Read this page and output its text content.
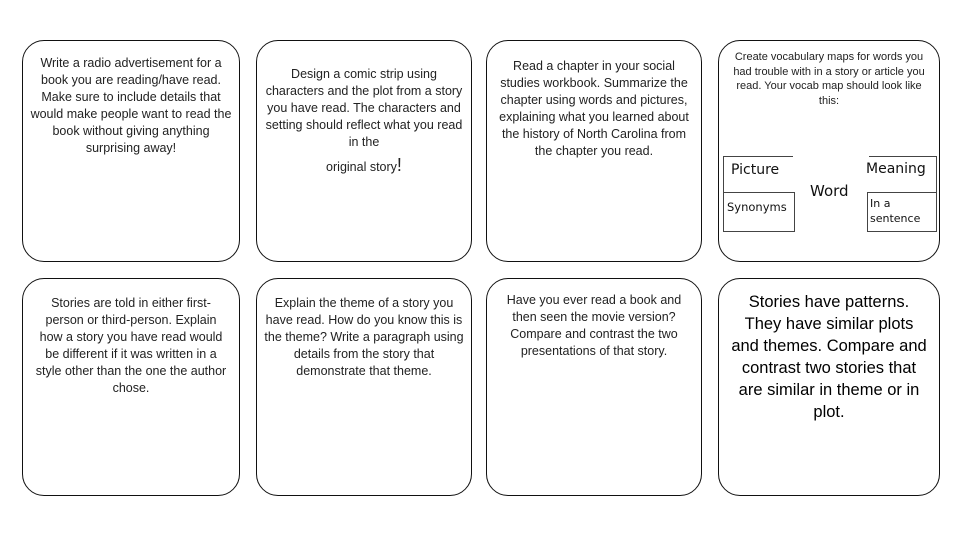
Write a radio advertisement for a book you are reading/have read. Make sure to include details that would make people want to read the book without giving anything surprising away!
Design a comic strip using characters and the plot from a story you have read. The characters and setting should reflect what you read in the
original story!
Read a chapter in your social studies workbook. Summarize the chapter using words and pictures, explaining what you learned about the history of North Carolina from the chapter you read.
Create vocabulary maps for words you had trouble with in a story or article you read. Your vocab map should look like this:
Picture
Word
Meaning
Synonyms	In a sentence
Stories are told in either first-person or third-person. Explain how a story you have read would be different if it was written in a style other than the one the author chose.
Explain the theme of a story you have read. How do you know this is the theme? Write a paragraph using details from the story that demonstrate that theme.
Have you ever read a book and then seen the movie version? Compare and contrast the two presentations of that story.
Stories have patterns. They have similar plots and themes. Compare and contrast two stories that are similar in theme or in plot.
